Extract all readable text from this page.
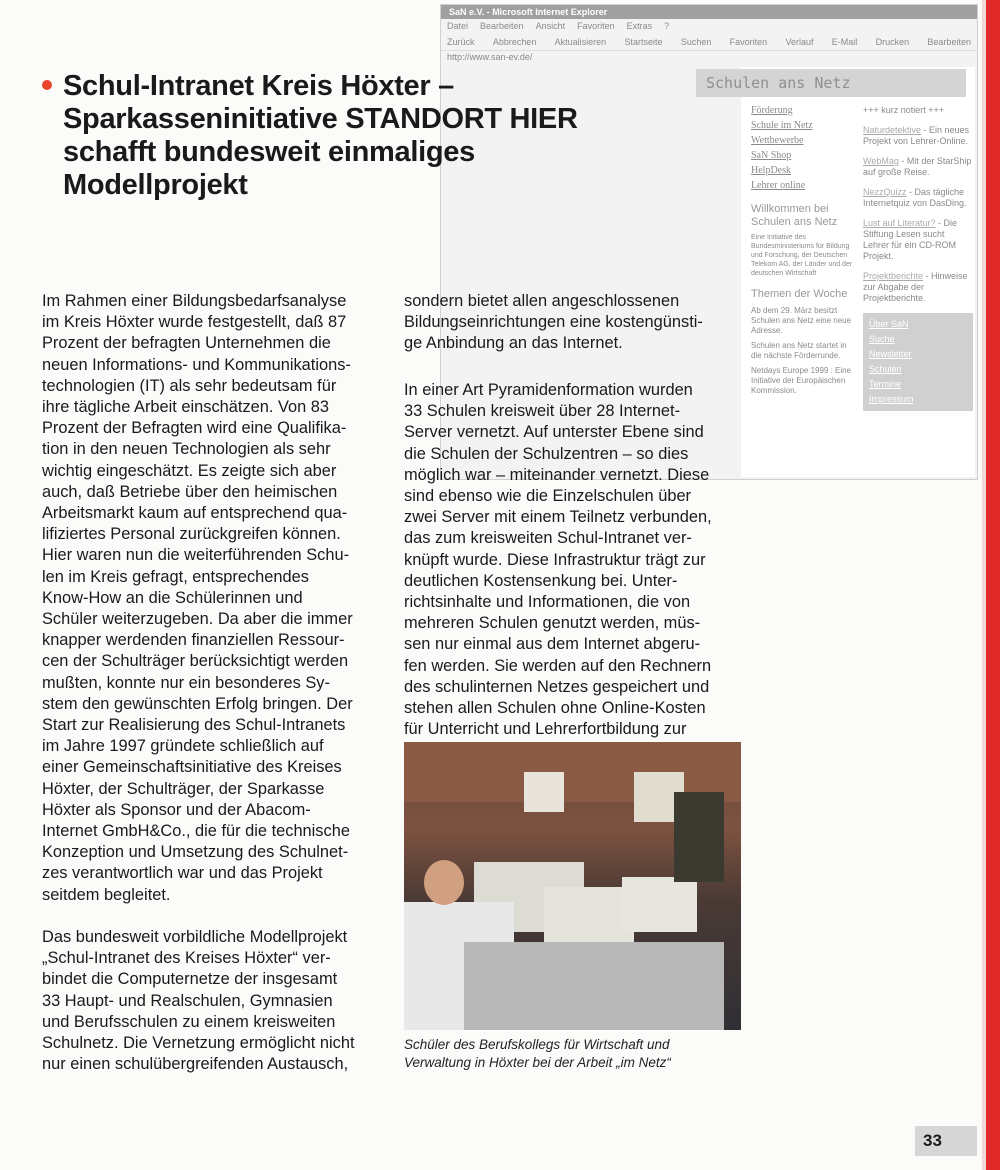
SaN e.V. - Microsoft Internet Explorer
Datei Bearbeiten Ansicht Favoriten Extras ?
Zurück Abbrechen Aktualisieren Startseite Suchen Favoriten Verlauf E-Mail Drucken Bearbeiten
http://www.san-ev.de/
Schulen ans Netz
Förderung
Schule im Netz
Wettbewerbe
SaN Shop
HelpDesk
Lehrer online
Willkommen bei Schulen ans Netz
Eine Initiative des Bundesministeriums für Bildung und Forschung, der Deutschen Telekom AG, der Länder und der deutschen Wirtschaft
Themen der Woche
Ab dem 29. März besitzt Schulen ans Netz eine neue Adresse.
Schulen ans Netz startet in die nächste Förderrunde.
Netdays Europe 1999 : Eine Initiative der Europäischen Kommission.
+++ kurz notiert +++
Naturdetektive - Ein neues Projekt von Lehrer-Online.
WebMag - Mit der StarShip auf große Reise.
NezzQuizz - Das tägliche Internetquiz von DasDing.
Lust auf Literatur? - Die Stiftung Lesen sucht Lehrer für ein CD-ROM Projekt.
Projektberichte - Hinweise zur Abgabe der Projektberichte.
Über SaN
Suche
Newsletter
Schulen
Termine
Impressum
Schul-Intranet Kreis Höxter –
Sparkasseninitiative STANDORT HIER
schafft bundesweit einmaliges
Modellprojekt
Im Rahmen einer Bildungsbedarfsanalyse
im Kreis Höxter wurde festgestellt, daß 87
Prozent der befragten Unternehmen die
neuen Informations- und Kommunikations-
technologien (IT) als sehr bedeutsam für
ihre tägliche Arbeit einschätzen. Von 83
Prozent der Befragten wird eine Qualifika-
tion in den neuen Technologien als sehr
wichtig eingeschätzt. Es zeigte sich aber
auch, daß Betriebe über den heimischen
Arbeitsmarkt kaum auf entsprechend qua-
lifiziertes Personal zurückgreifen können.
Hier waren nun die weiterführenden Schu-
len im Kreis gefragt, entsprechendes
Know-How an die Schülerinnen und
Schüler weiterzugeben. Da aber die immer
knapper werdenden finanziellen Ressour-
cen der Schulträger berücksichtigt werden
mußten, konnte nur ein besonderes Sy-
stem den gewünschten Erfolg bringen. Der
Start zur Realisierung des Schul-Intranets
im Jahre 1997 gründete schließlich auf
einer Gemeinschaftsinitiative des Kreises
Höxter, der Schulträger, der Sparkasse
Höxter als Sponsor und der Abacom-
Internet GmbH&Co., die für die technische
Konzeption und Umsetzung des Schulnet-
zes verantwortlich war und das Projekt
seitdem begleitet.
Das bundesweit vorbildliche Modellprojekt
„Schul-Intranet des Kreises Höxter“ ver-
bindet die Computernetze der insgesamt
33 Haupt- und Realschulen, Gymnasien
und Berufsschulen zu einem kreisweiten
Schulnetz. Die Vernetzung ermöglicht nicht
nur einen schulübergreifenden Austausch,
sondern bietet allen angeschlossenen
Bildungseinrichtungen eine kostengünsti-
ge Anbindung an das Internet.
In einer Art Pyramidenformation wurden
33 Schulen kreisweit über 28 Internet-
Server vernetzt. Auf unterster Ebene sind
die Schulen der Schulzentren – so dies
möglich war – miteinander vernetzt. Diese
sind ebenso wie die Einzelschulen über
zwei Server mit einem Teilnetz verbunden,
das zum kreisweiten Schul-Intranet ver-
knüpft wurde. Diese Infrastruktur trägt zur
deutlichen Kostensenkung bei. Unter-
richtsinhalte und Informationen, die von
mehreren Schulen genutzt werden, müs-
sen nur einmal aus dem Internet abgeru-
fen werden. Sie werden auf den Rechnern
des schulinternen Netzes gespeichert und
stehen allen Schulen ohne Online-Kosten
für Unterricht und Lehrerfortbildung zur
Schüler des Berufskollegs für Wirtschaft und
Verwaltung in Höxter bei der Arbeit „im Netz“
33
